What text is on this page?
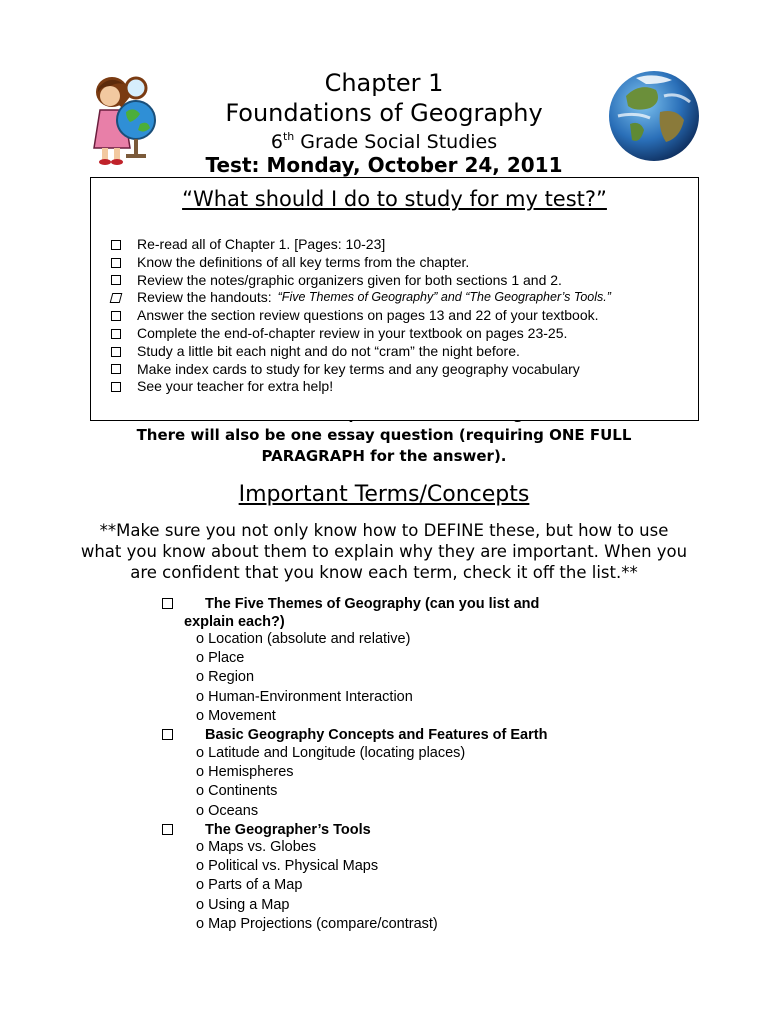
Chapter 1
Foundations of Geography
6th Grade Social Studies
Test: Monday, October 24, 2011
There will also be one essay question (requiring ONE FULL
PARAGRAPH for the answer).
“What should I do to study for my test?”
Re-read all of Chapter 1. [Pages: 10-23]
Know the definitions of all key terms from the chapter.
Review the notes/graphic organizers given for both sections 1 and 2.
Review the handouts: “Five Themes of Geography” and “The Geographer’s Tools.”
Answer the section review questions on pages 13 and 22 of your textbook.
Complete the end-of-chapter review in your textbook on pages 23-25.
Study a little bit each night and do not “cram” the night before.
Make index cards to study for key terms and any geography vocabulary
See your teacher for extra help!
Important Terms/Concepts
**Make sure you not only know how to DEFINE these, but how to use what you know about them to explain why they are important. When you are confident that you know each term, check it off the list.**
The Five Themes of Geography (can you list and
explain each?)
o Location (absolute and relative)
o Place
o Region
o Human-Environment Interaction
o Movement
Basic Geography Concepts and Features of Earth
o Latitude and Longitude (locating places)
o Hemispheres
o Continents
o Oceans
The Geographer’s Tools
o Maps vs. Globes
o Political vs. Physical Maps
o Parts of a Map
o Using a Map
o Map Projections (compare/contrast)
